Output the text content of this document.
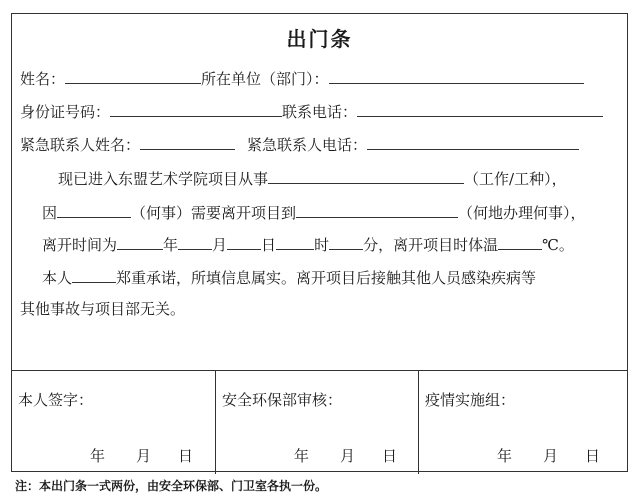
出门条
姓名：	所在单位（部门）：
身份证号码：	联系电话：
紧急联系人姓名：	紧急联系人电话：
现已进入东盟艺术学院项目从事	（工作/工种），
因	（何事）需要离开项目到	（何地办理何事），
离开时间为	年 月 日	时 分，离开项目时体温	℃。
本人	郑重承诺，所填信息属实。离开项目后接触其他人员感染疾病等
其他事故与项目部无关。
本人签字：
年 月 日
安全环保部审核：
年 月 日
疫情实施组：
年 月 日
注：本出门条一式两份，由安全环保部、门卫室各执一份。
